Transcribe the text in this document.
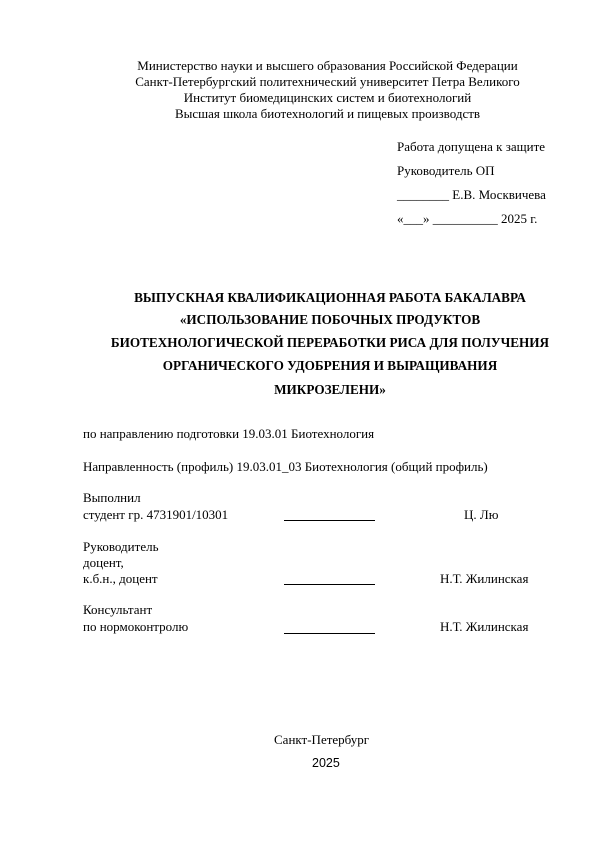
Министерство науки и высшего образования Российской Федерации
Санкт-Петербургский политехнический университет Петра Великого
Институт биомедицинских систем и биотехнологий
Высшая школа биотехнологий и пищевых производств
Работа допущена к защите
Руководитель ОП
________ Е.В. Москвичева
«___» __________ 2025 г.
ВЫПУСКНАЯ КВАЛИФИКАЦИОННАЯ РАБОТА БАКАЛАВРА
«ИСПОЛЬЗОВАНИЕ ПОБОЧНЫХ ПРОДУКТОВ
БИОТЕХНОЛОГИЧЕСКОЙ ПЕРЕРАБОТКИ РИСА ДЛЯ ПОЛУЧЕНИЯ
ОРГАНИЧЕСКОГО УДОБРЕНИЯ И ВЫРАЩИВАНИЯ
МИКРОЗЕЛЕНИ»
по направлению подготовки 19.03.01 Биотехнология
Направленность (профиль) 19.03.01_03 Биотехнология (общий профиль)
Выполнил
студент гр. 4731901/10301	Ц. Лю
Руководитель
доцент,
к.б.н., доцент	Н.Т. Жилинская
Консультант
по нормоконтролю	Н.Т. Жилинская
Санкт-Петербург
2025
